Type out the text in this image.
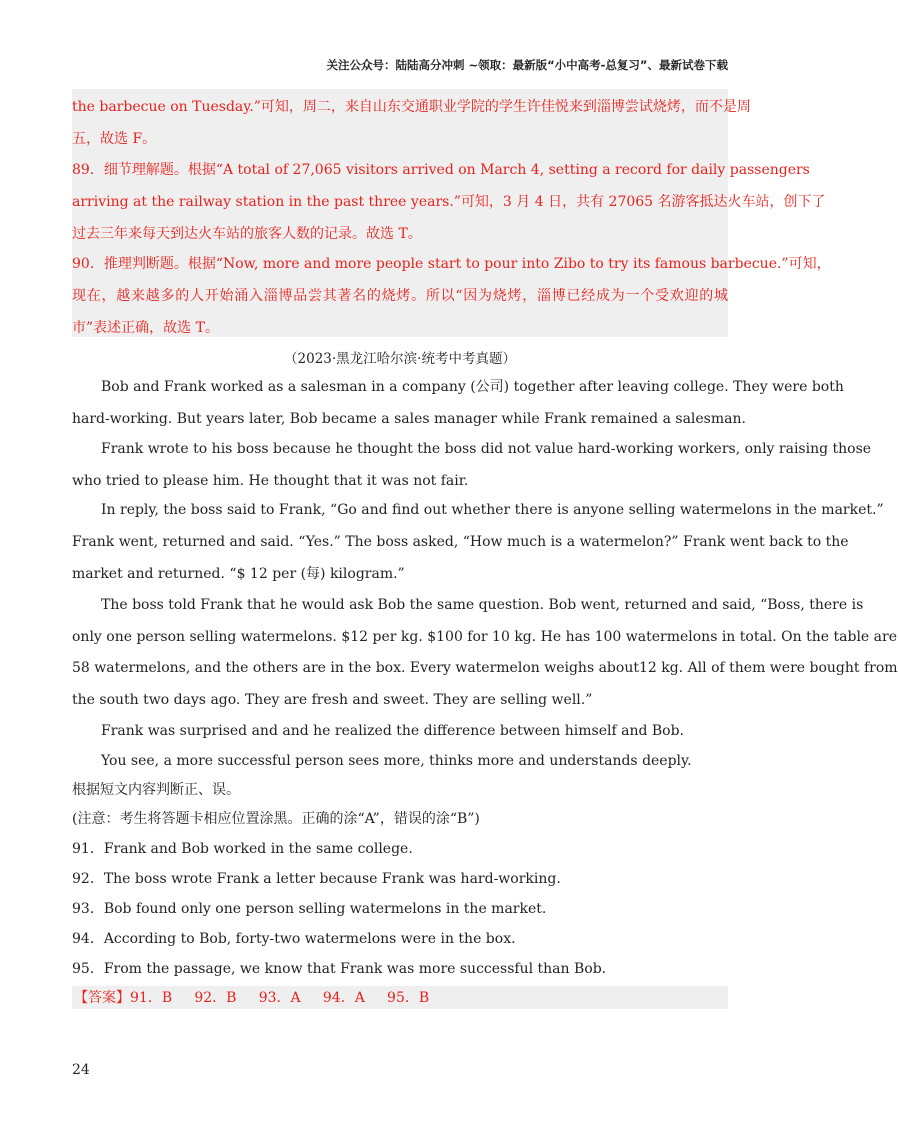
关注公众号：陆陆高分冲刺 ~领取：最新版“小中高考-总复习”、最新试卷下载
the barbecue on Tuesday.”可知，周二，来自山东交通职业学院的学生许佳悦来到淄博尝试烧烤，而不是周
五，故选 F。
89．细节理解题。根据“A total of 27,065 visitors arrived on March 4, setting a record for daily passengers
arriving at the railway station in the past three years.”可知，3 月 4 日，共有 27065 名游客抵达火车站，创下了
过去三年来每天到达火车站的旅客人数的记录。故选 T。
90．推理判断题。根据“Now, more and more people start to pour into Zibo to try its famous barbecue.”可知，
现在，越来越多的人开始涌入淄博品尝其著名的烧烤。所以“因为烧烤，淄博已经成为一个受欢迎的城
市”表述正确，故选 T。
（2023·黑龙江哈尔滨·统考中考真题）
Bob and Frank worked as a salesman in a company (公司) together after leaving college. They were both
hard-working. But years later, Bob became a sales manager while Frank remained a salesman.
Frank wrote to his boss because he thought the boss did not value hard-working workers, only raising those
who tried to please him. He thought that it was not fair.
In reply, the boss said to Frank, “Go and find out whether there is anyone selling watermelons in the market.”
Frank went, returned and said. “Yes.” The boss asked, “How much is a watermelon?” Frank went back to the
market and returned. “$ 12 per (每) kilogram.”
The boss told Frank that he would ask Bob the same question. Bob went, returned and said, “Boss, there is
only one person selling watermelons. $12 per kg. $100 for 10 kg. He has 100 watermelons in total. On the table are
58 watermelons, and the others are in the box. Every watermelon weighs about12 kg. All of them were bought from
the south two days ago. They are fresh and sweet. They are selling well.”
Frank was surprised and and he realized the difference between himself and Bob.
You see, a more successful person sees more, thinks more and understands deeply.
根据短文内容判断正、误。
(注意：考生将答题卡相应位置涂黑。正确的涂“A”，错误的涂“B”)
91．Frank and Bob worked in the same college.
92．The boss wrote Frank a letter because Frank was hard-working.
93．Bob found only one person selling watermelons in the market.
94．According to Bob, forty-two watermelons were in the box.
95．From the passage, we know that Frank was more successful than Bob.
【答案】91．B     92．B     93．A     94．A     95．B
24
